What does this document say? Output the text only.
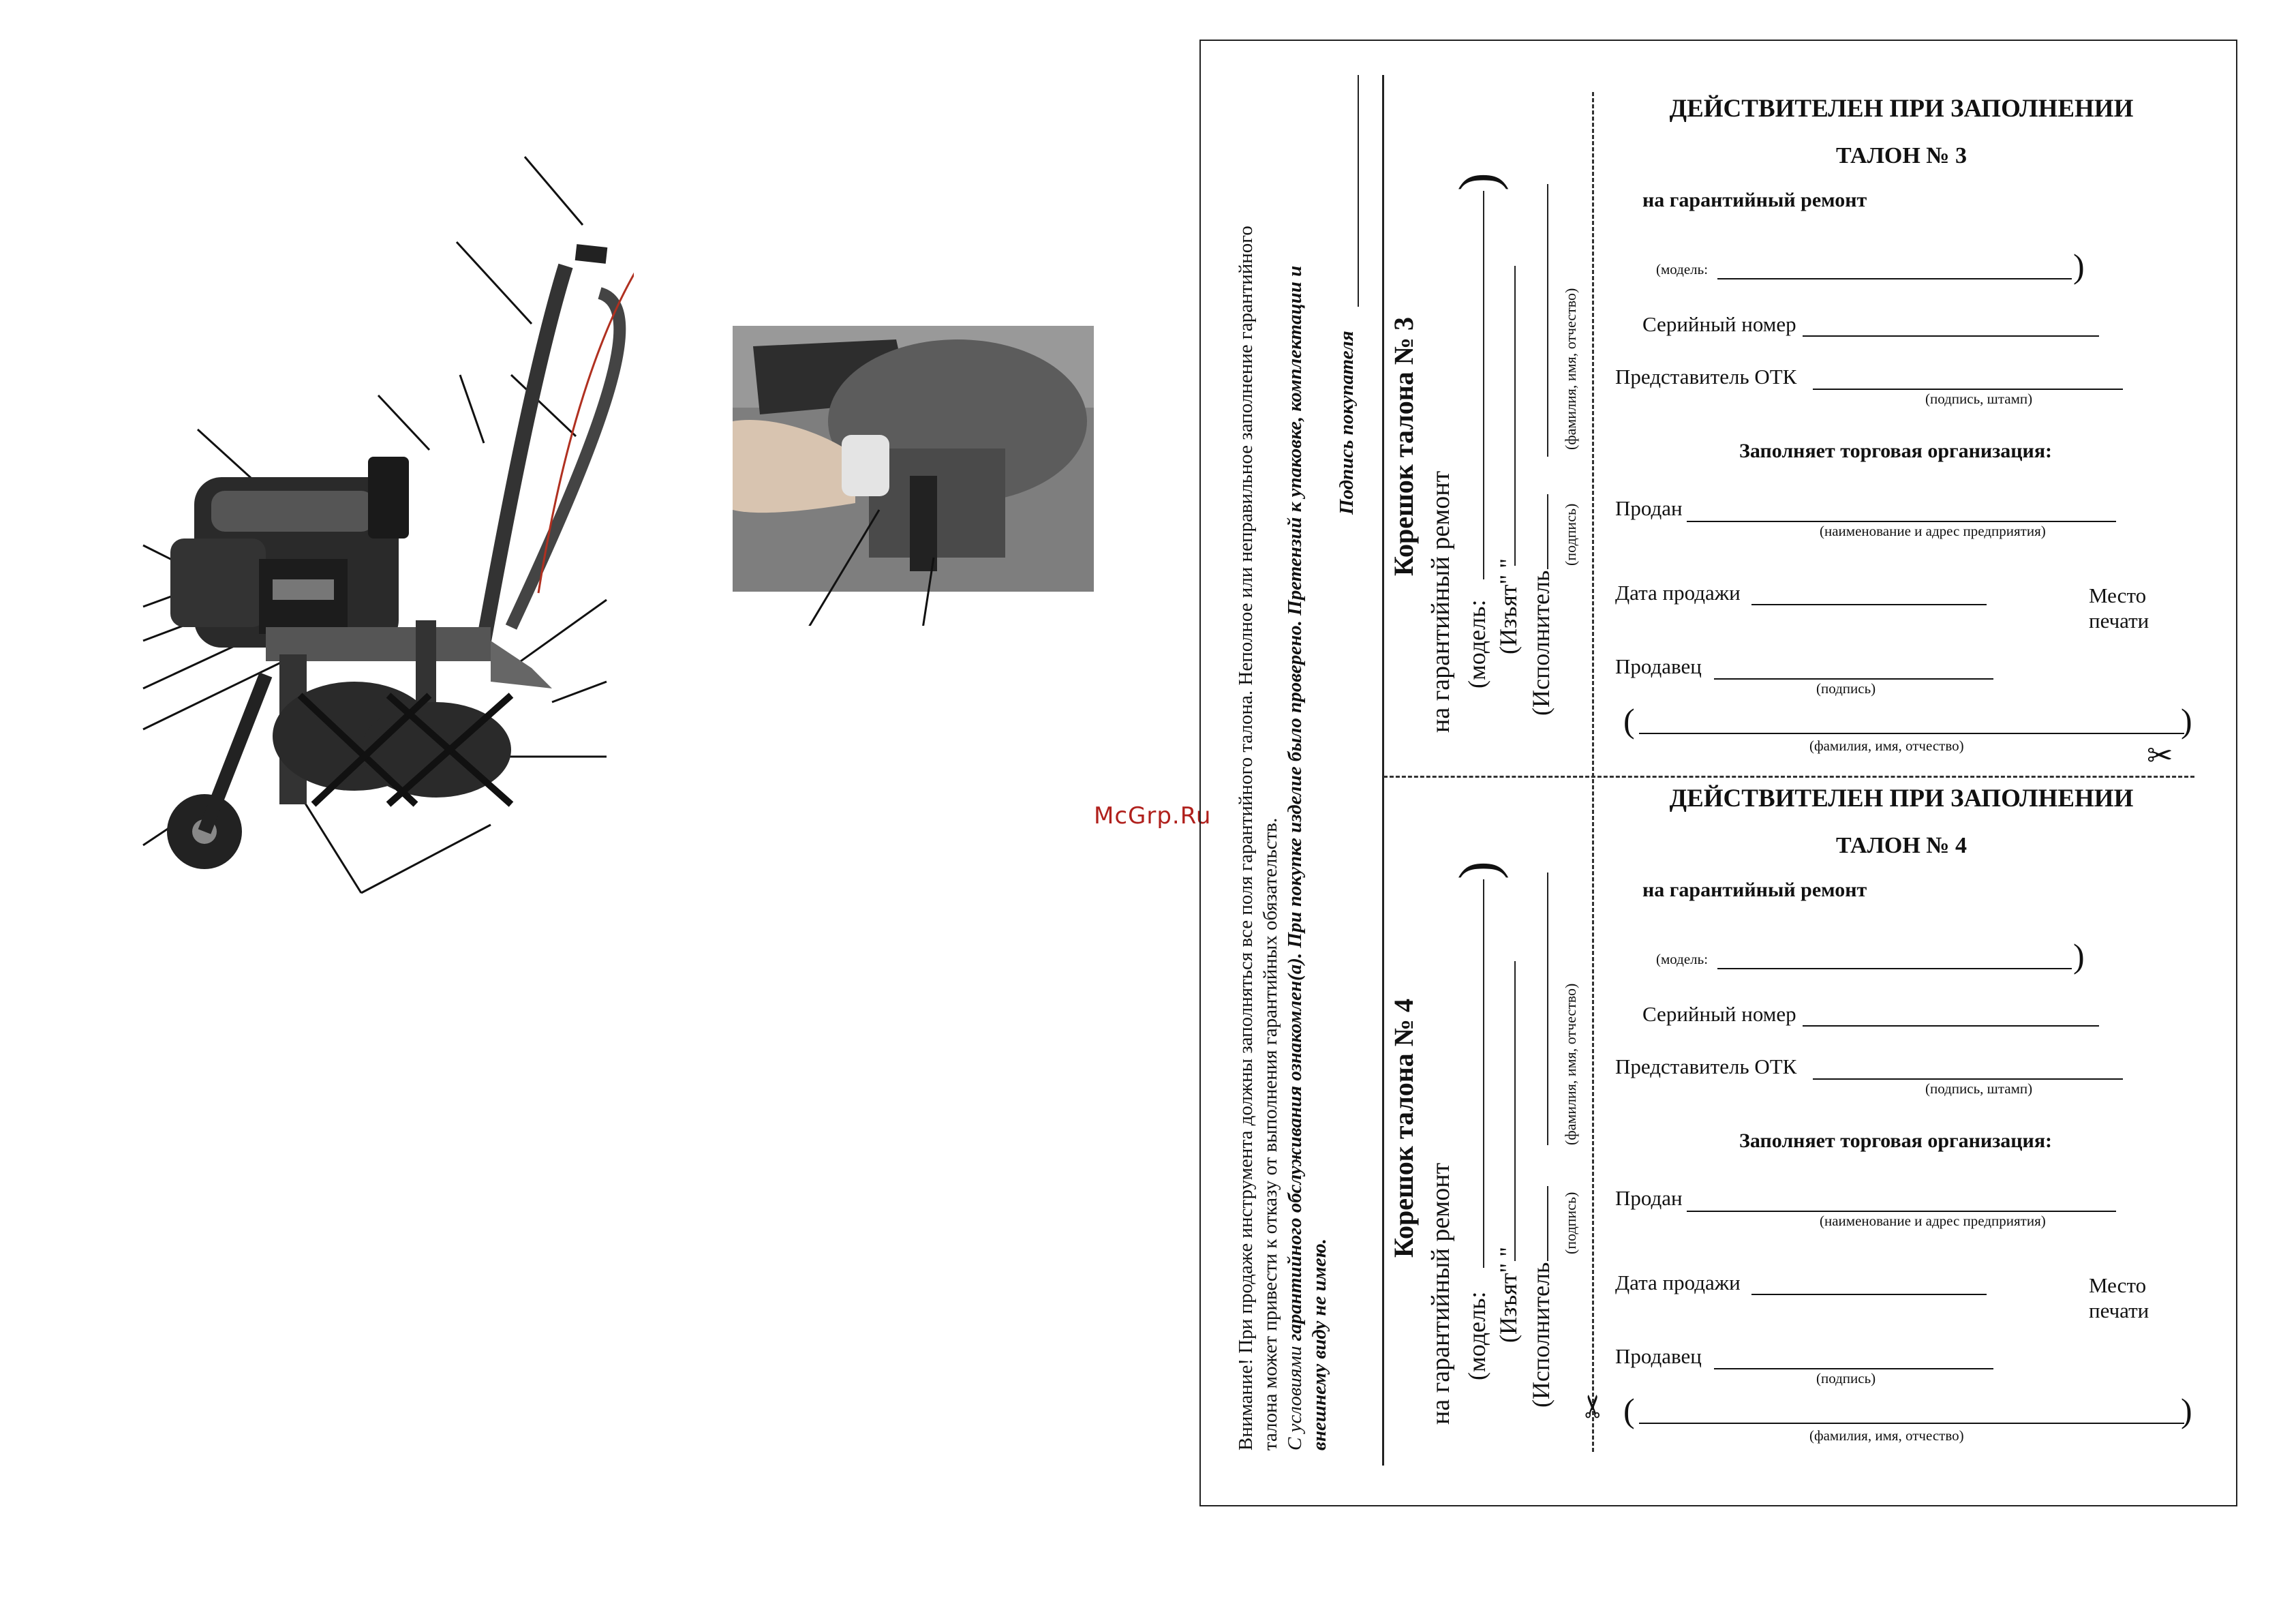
McGrp.Ru Внимание! При продаже инструмента должны заполняться все поля гарантийного талона. Неполное или неправильное заполнение гарантийного талона может привести к отказу от выполнения гарантийных обязательств. С условиями гарантийного обслуживания ознакомлен(а). При покупке изделие было проверено. Претензий к упаковке, комплектации и
внешнему виду не имею.
Подпись покупателя Корешок талона № 3
на гарантийный ремонт (модель:
)
(Изъят" " (Исполнитель
(подпись)
(фамилия, имя, отчество)
Корешок талона № 4
на гарантийный ремонт (модель:
)
(Изъят" " (Исполнитель
(подпись)
(фамилия, имя, отчество)
ДЕЙСТВИТЕЛЕН ПРИ ЗАПОЛНЕНИИ
ТАЛОН № 3
на гарантийный ремонт
(модель:	)
Серийный номер
Представитель ОТК
(подпись, штамп)
Заполняет торговая организация:
Продан
(наименование и адрес предприятия)
Дата продажи	Место
печати
Продавец
(подпись)
(	)
(фамилия, имя, отчество)	✂
ДЕЙСТВИТЕЛЕН ПРИ ЗАПОЛНЕНИИ
ТАЛОН № 4
на гарантийный ремонт
(модель:	)
Серийный номер
Представитель ОТК
(подпись, штамп)
Заполняет торговая организация:
Продан
(наименование и адрес предприятия)
Дата продажи	Место
печати
Продавец
(подпись)
(	)
(фамилия, имя, отчество)
✂
